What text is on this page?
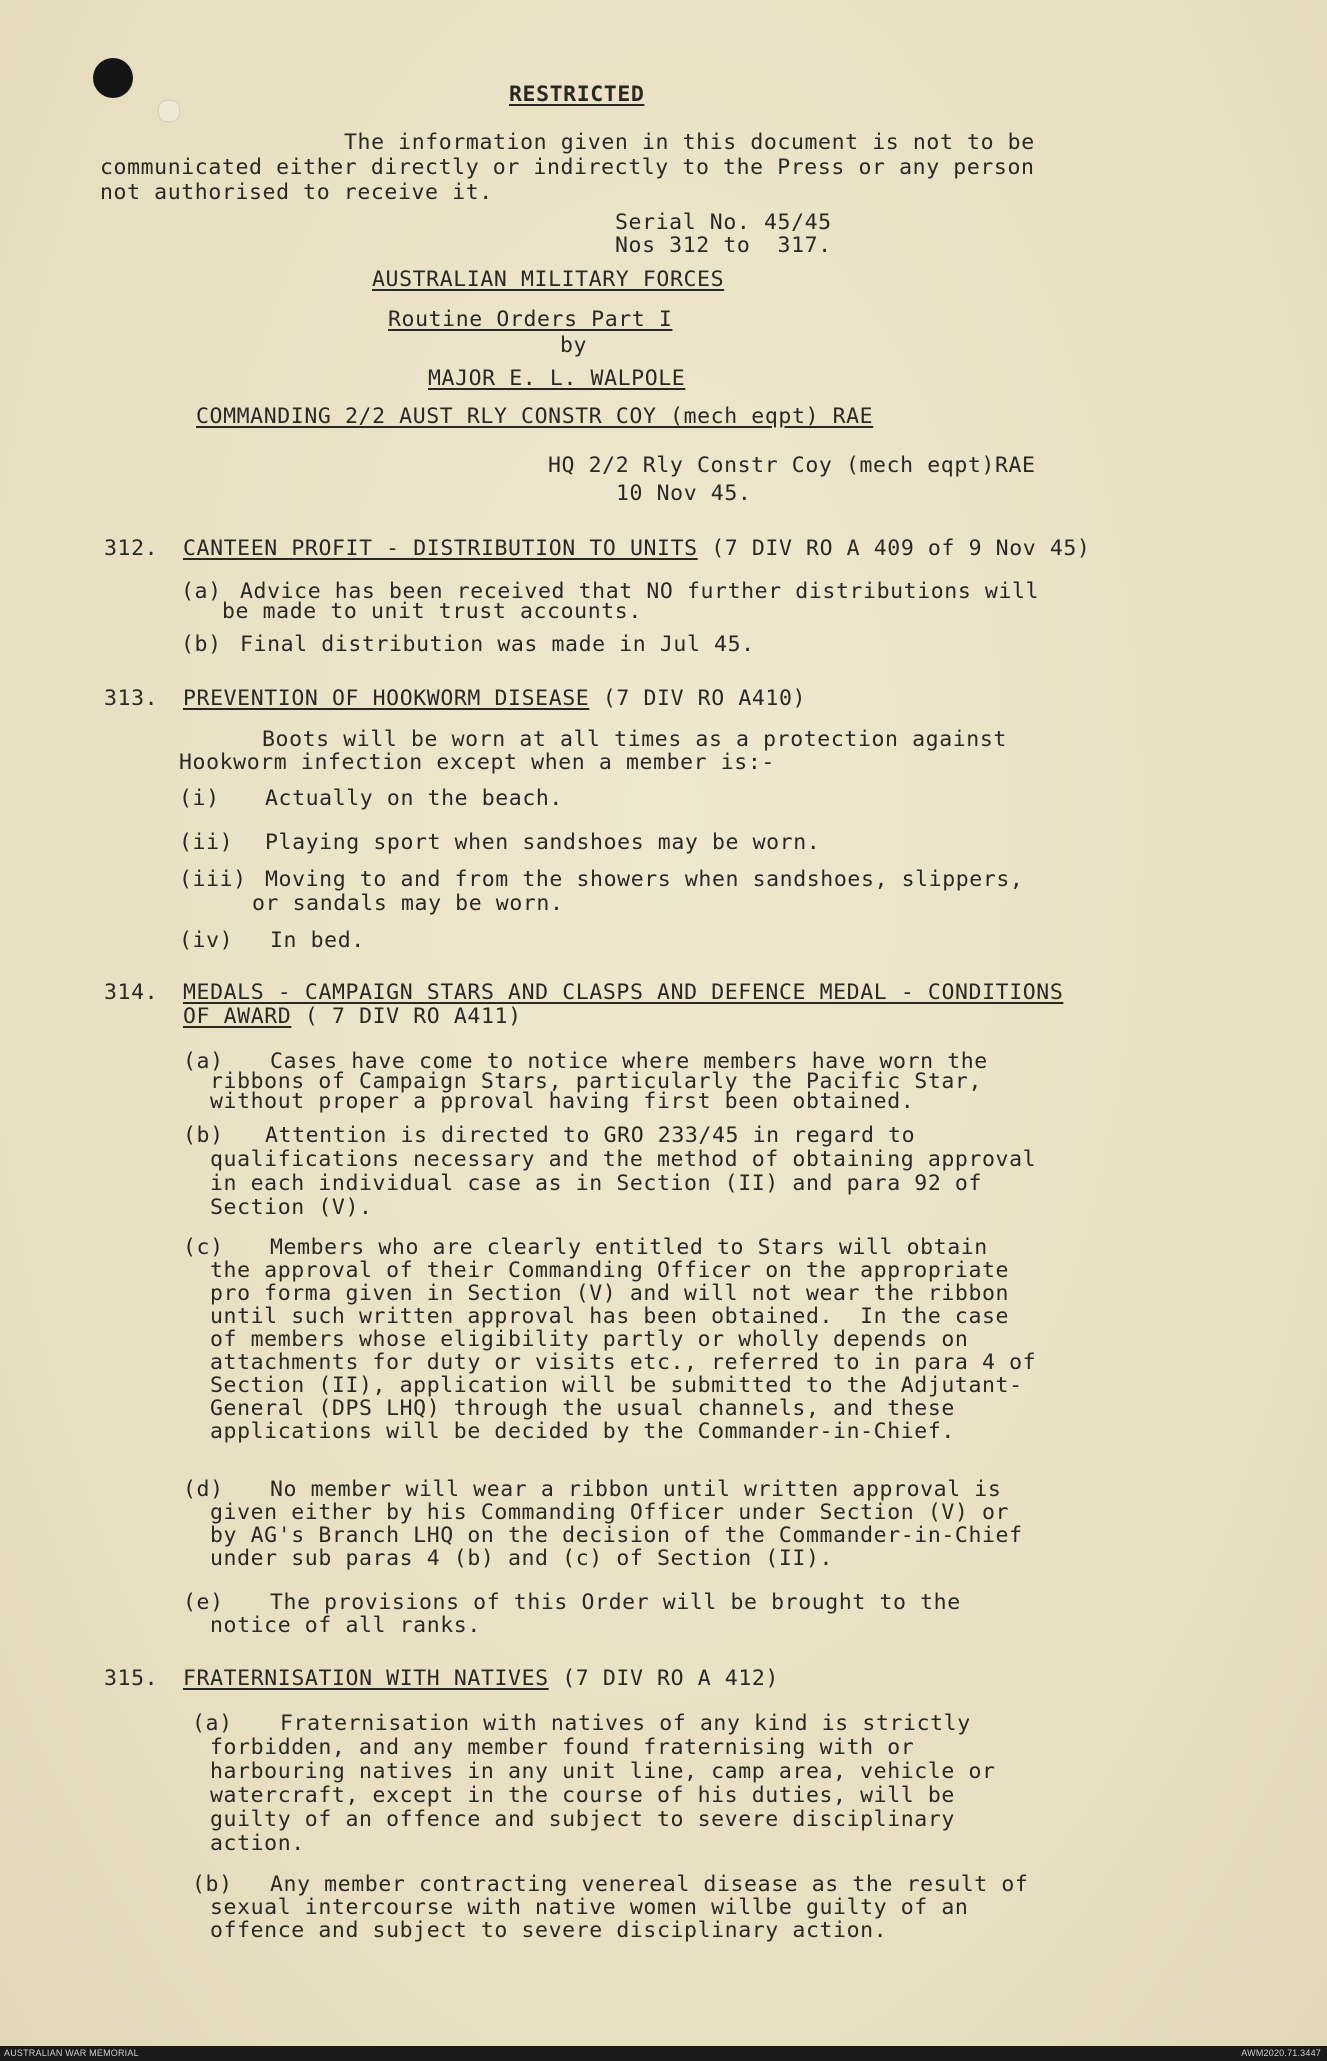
RESTRICTED
The information given in this document is not to be
communicated either directly or indirectly to the Press or any person
not authorised to receive it.
Serial No. 45/45
Nos 312 to  317.
AUSTRALIAN MILITARY FORCES
Routine Orders Part I
by
MAJOR E. L. WALPOLE
COMMANDING 2/2 AUST RLY CONSTR COY (mech eqpt) RAE
HQ 2/2 Rly Constr Coy (mech eqpt)RAE
10 Nov 45.
312. CANTEEN PROFIT - DISTRIBUTION TO UNITS (7 DIV RO A 409 of 9 Nov 45)
(a) Advice has been received that NO further distributions will
be made to unit trust accounts.
(b) Final distribution was made in Jul 45.
313. PREVENTION OF HOOKWORM DISEASE (7 DIV RO A410)
Boots will be worn at all times as a protection against
Hookworm infection except when a member is:-
(i) Actually on the beach.
(ii) Playing sport when sandshoes may be worn.
(iii) Moving to and from the showers when sandshoes, slippers,
or sandals may be worn.
(iv) In bed.
314. MEDALS - CAMPAIGN STARS AND CLASPS AND DEFENCE MEDAL - CONDITIONS
OF AWARD ( 7 DIV RO A411)
(a) Cases have come to notice where members have worn the
ribbons of Campaign Stars, particularly the Pacific Star,
without proper a pproval having first been obtained.
(b) Attention is directed to GRO 233/45 in regard to
qualifications necessary and the method of obtaining approval
in each individual case as in Section (II) and para 92 of
Section (V).
(c) Members who are clearly entitled to Stars will obtain
the approval of their Commanding Officer on the appropriate
pro forma given in Section (V) and will not wear the ribbon
until such written approval has been obtained.  In the case
of members whose eligibility partly or wholly depends on
attachments for duty or visits etc., referred to in para 4 of
Section (II), application will be submitted to the Adjutant-
General (DPS LHQ) through the usual channels, and these
applications will be decided by the Commander-in-Chief.
(d) No member will wear a ribbon until written approval is
given either by his Commanding Officer under Section (V) or
by AG's Branch LHQ on the decision of the Commander-in-Chief
under sub paras 4 (b) and (c) of Section (II).
(e) The provisions of this Order will be brought to the
notice of all ranks.
315. FRATERNISATION WITH NATIVES (7 DIV RO A 412)
(a) Fraternisation with natives of any kind is strictly
forbidden, and any member found fraternising with or
harbouring natives in any unit line, camp area, vehicle or
watercraft, except in the course of his duties, will be
guilty of an offence and subject to severe disciplinary
action.
(b) Any member contracting venereal disease as the result of
sexual intercourse with native women willbe guilty of an
offence and subject to severe disciplinary action.
AUSTRALIAN WAR MEMORIAL	AWM2020.71.3447
